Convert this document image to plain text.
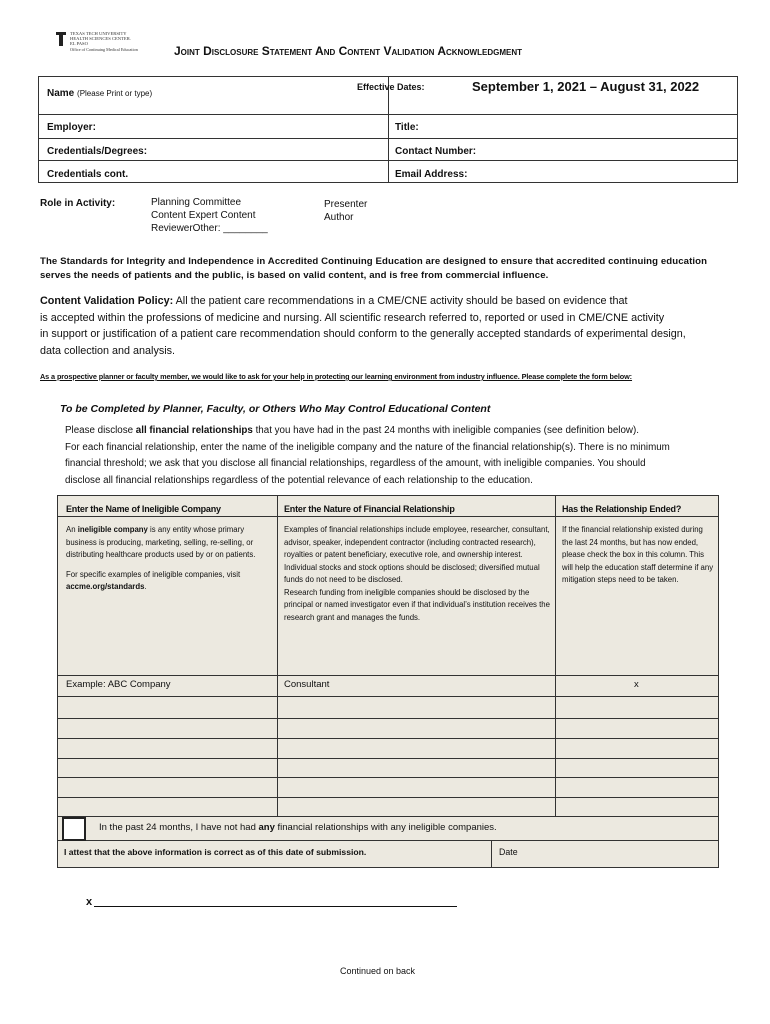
TEXAS TECH UNIVERSITY
HEALTH SCIENCES CENTER.
EL PASO
Office of Continuing Medical Education	Joint Disclosure Statement And Content Validation Acknowledgment
Name (Please Print or type)
Effective Dates:	September 1, 2021 – August 31, 2022
Employer:	Title:
Credentials/Degrees:	Contact Number:
Credentials cont.	Email Address:
Role in Activity:	Planning Committee
Content Expert Content
ReviewerOther: ________
Presenter
Author
The Standards for Integrity and Independence in Accredited Continuing Education are designed to ensure that accredited continuing education serves the needs of patients and the public, is based on valid content, and is free from commercial influence.
Content Validation Policy: All the patient care recommendations in a CME/CNE activity should be based on evidence that
is accepted within the professions of medicine and nursing. All scientific research referred to, reported or used in CME/CNE activity
in support or justification of a patient care recommendation should conform to the generally accepted standards of experimental design,
data collection and analysis.
As a prospective planner or faculty member, we would like to ask for your help in protecting our learning environment from industry influence. Please complete the form below:
To be Completed by Planner, Faculty, or Others Who May Control Educational Content
Please disclose all financial relationships that you have had in the past 24 months with ineligible companies (see definition below).
For each financial relationship, enter the name of the ineligible company and the nature of the financial relationship(s). There is no minimum
financial threshold; we ask that you disclose all financial relationships, regardless of the amount, with ineligible companies. You should
disclose all financial relationships regardless of the potential relevance of each relationship to the education.
Enter the Name of Ineligible Company	Enter the Nature of Financial Relationship	Has the Relationship Ended?
An ineligible company is any entity whose primary business is producing, marketing, selling, re-selling, or distributing healthcare products used by or on patients.
For specific examples of ineligible companies, visit
accme.org/standards.
Examples of financial relationships include employee, researcher, consultant, advisor, speaker, independent contractor (including contracted research), royalties or patent beneficiary, executive role, and ownership interest. Individual stocks and stock options should be disclosed; diversified mutual funds do not need to be disclosed.
Research funding from ineligible companies should be disclosed by the principal or named investigator even if that individual’s institution receives the research grant and manages the funds.
If the financial relationship existed during the last 24 months, but has now ended, please check the box in this column. This will help the education staff determine if any mitigation steps need to be taken.
Example: ABC Company	Consultant	x
In the past 24 months, I have not had any financial relationships with any ineligible companies.
I attest that the above information is correct as of this date of submission.	Date
x
Continued on back
